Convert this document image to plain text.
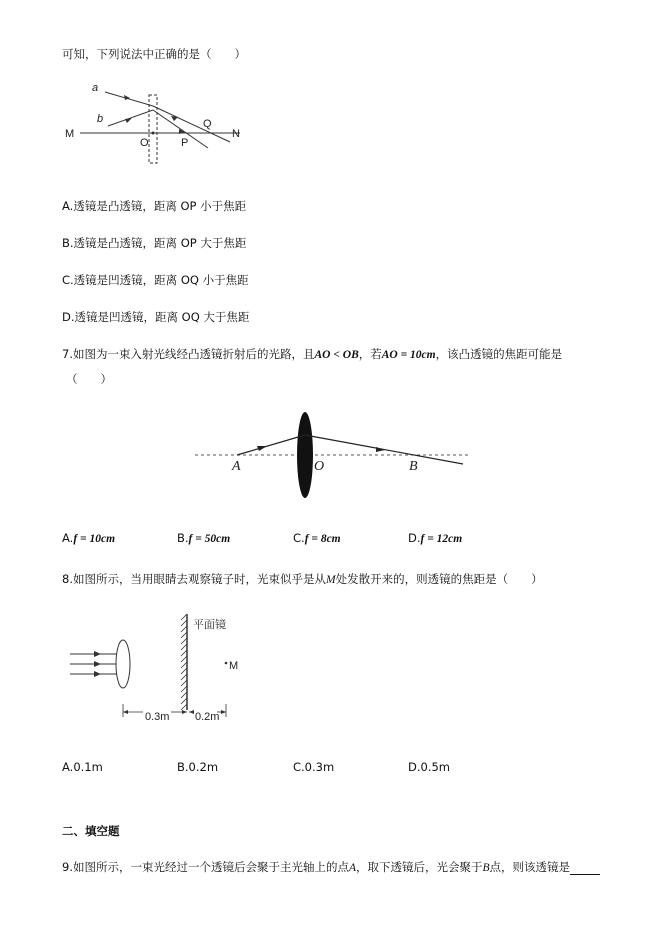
可知，下列说法中正确的是（　　）
a
b
M
O	P
Q
N
A.透镜是凸透镜，距离 OP 小于焦距
B.透镜是凸透镜，距离 OP 大于焦距
C.透镜是凹透镜，距离 OQ 小于焦距
D.透镜是凹透镜，距离 OQ 大于焦距
7.如图为一束入射光线经凸透镜折射后的光路，且AO < OB，若AO = 10cm，该凸透镜的焦距可能是
（　　）
A	O	B
A.f = 10cm	B.f = 50cm	C.f = 8cm	D.f = 12cm
8.如图所示，当用眼睛去观察镜子时，光束似乎是从M处发散开来的，则透镜的焦距是（　　）
平面镜
M
0.3m 0.2m
A.0.1m	B.0.2m	C.0.3m	D.0.5m
二、填空题
9.如图所示，一束光经过一个透镜后会聚于主光轴上的点A，取下透镜后，光会聚于B点，则该透镜是
